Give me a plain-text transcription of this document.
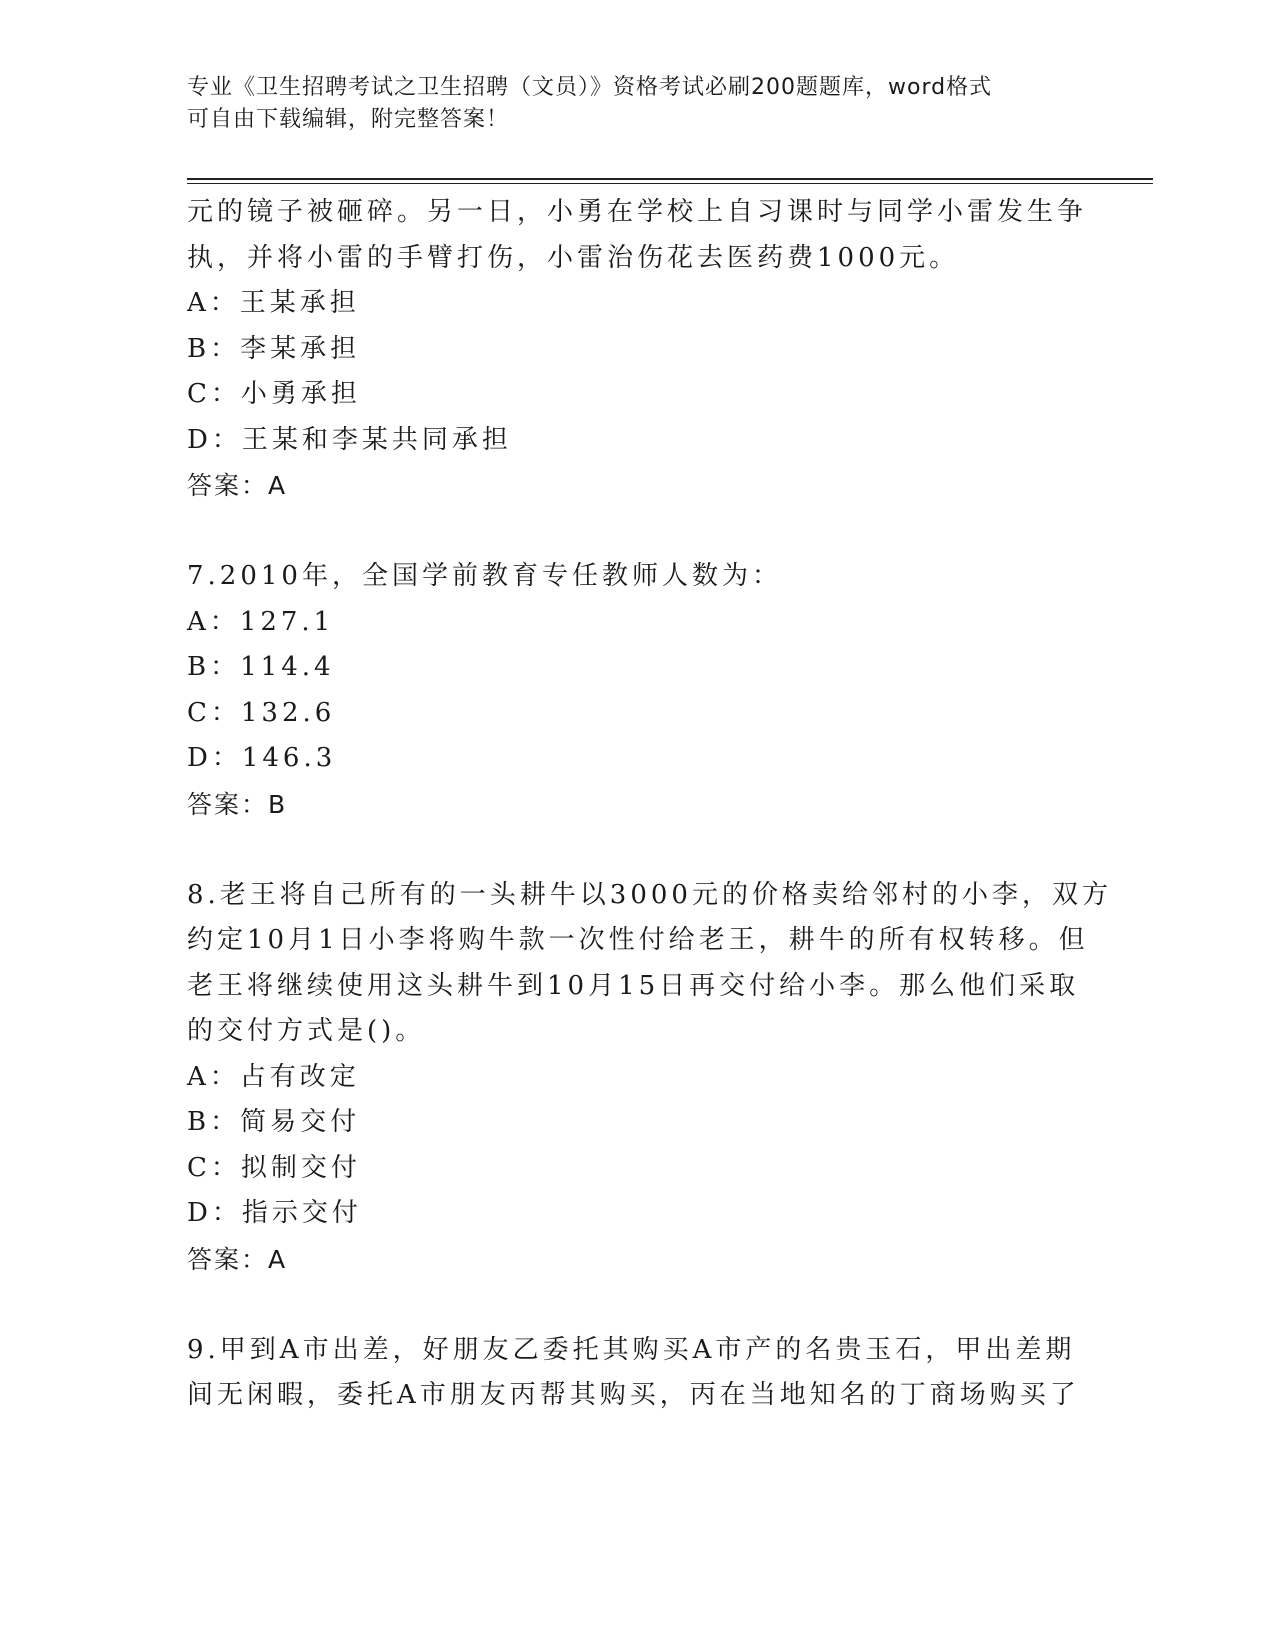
专业《卫生招聘考试之卫生招聘（文员）》资格考试必刷200题题库，word格式
可自由下载编辑，附完整答案！
元的镜子被砸碎。另一日，小勇在学校上自习课时与同学小雷发生争
执，并将小雷的手臂打伤，小雷治伤花去医药费1000元。
A：王某承担
B：李某承担
C：小勇承担
D：王某和李某共同承担
答案：A
7.2010年，全国学前教育专任教师人数为：
A：127.1
B：114.4
C：132.6
D：146.3
答案：B
8.老王将自己所有的一头耕牛以3000元的价格卖给邻村的小李，双方
约定10月1日小李将购牛款一次性付给老王，耕牛的所有权转移。但
老王将继续使用这头耕牛到10月15日再交付给小李。那么他们采取
的交付方式是()。
A：占有改定
B：简易交付
C：拟制交付
D：指示交付
答案：A
9.甲到A市出差，好朋友乙委托其购买A市产的名贵玉石，甲出差期
间无闲暇，委托A市朋友丙帮其购买，丙在当地知名的丁商场购买了
